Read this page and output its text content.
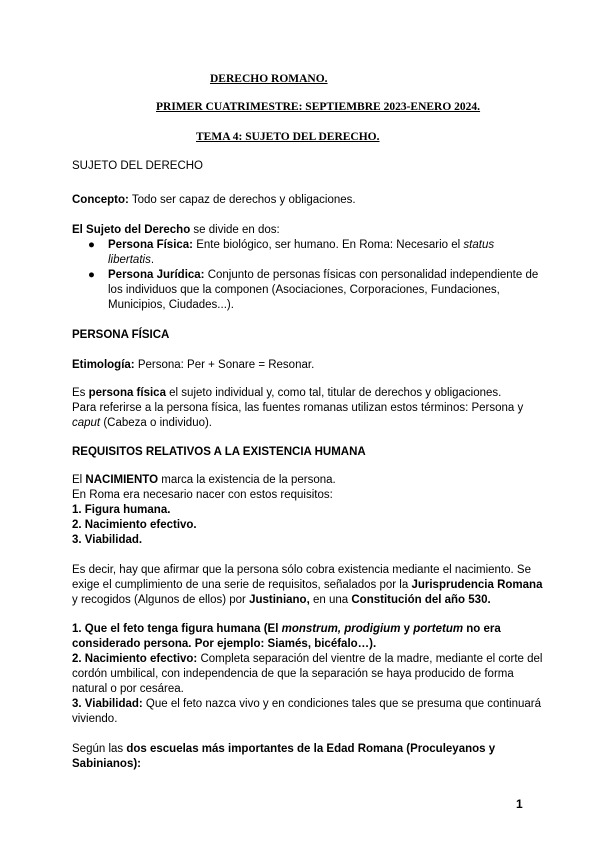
DERECHO ROMANO.

PRIMER CUATRIMESTRE: SEPTIEMBRE 2023-ENERO 2024.

TEMA 4: SUJETO DEL DERECHO.

SUJETO DEL DERECHO

Concepto: Todo ser capaz de derechos y obligaciones.

El Sujeto del Derecho se divide en dos:

● Persona Física: Ente biológico, ser humano. En Roma: Necesario el status

libertatis.

● Persona Jurídica: Conjunto de personas físicas con personalidad independiente de

los individuos que la componen (Asociaciones, Corporaciones, Fundaciones,

Municipios, Ciudades...).

PERSONA FÍSICA

Etimología: Persona: Per + Sonare = Resonar.

Es persona física el sujeto individual y, como tal, titular de derechos y obligaciones.

Para referirse a la persona física, las fuentes romanas utilizan estos términos: Persona y

caput (Cabeza o individuo).

REQUISITOS RELATIVOS A LA EXISTENCIA HUMANA

El NACIMIENTO marca la existencia de la persona.

En Roma era necesario nacer con estos requisitos:

1. Figura humana.

2. Nacimiento efectivo.

3. Viabilidad.

Es decir, hay que afirmar que la persona sólo cobra existencia mediante el nacimiento. Se

exige el cumplimiento de una serie de requisitos, señalados por la Jurisprudencia Romana

y recogidos (Algunos de ellos) por Justiniano, en una Constitución del año 530.

1. Que el feto tenga figura humana (El monstrum, prodigium y portetum no era

considerado persona. Por ejemplo: Siamés, bicéfalo…).

2. Nacimiento efectivo: Completa separación del vientre de la madre, mediante el corte del

cordón umbilical, con independencia de que la separación se haya producido de forma

natural o por cesárea.

3. Viabilidad: Que el feto nazca vivo y en condiciones tales que se presuma que continuará

viviendo.

Según las dos escuelas más importantes de la Edad Romana (Proculeyanos y

Sabinianos):

1
